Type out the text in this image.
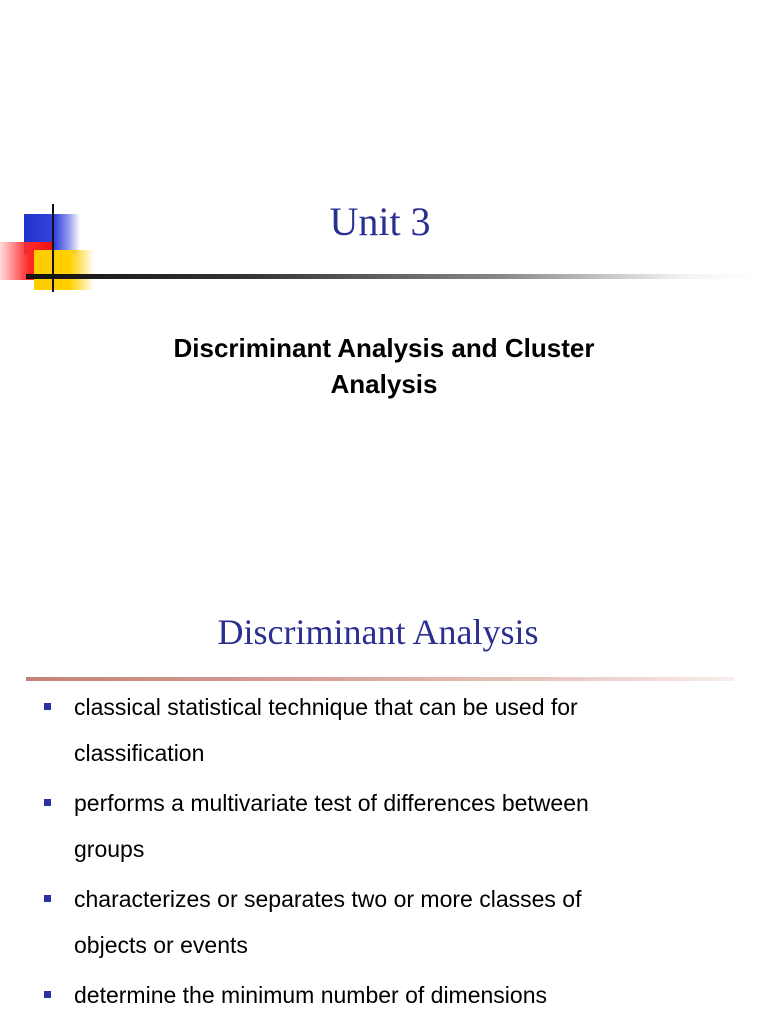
Unit 3
Discriminant Analysis and Cluster
Analysis
Discriminant Analysis
classical statistical technique that can be used for
classification
performs a multivariate test of differences between
groups
characterizes or separates two or more classes of
objects or events
determine the minimum number of dimensions
